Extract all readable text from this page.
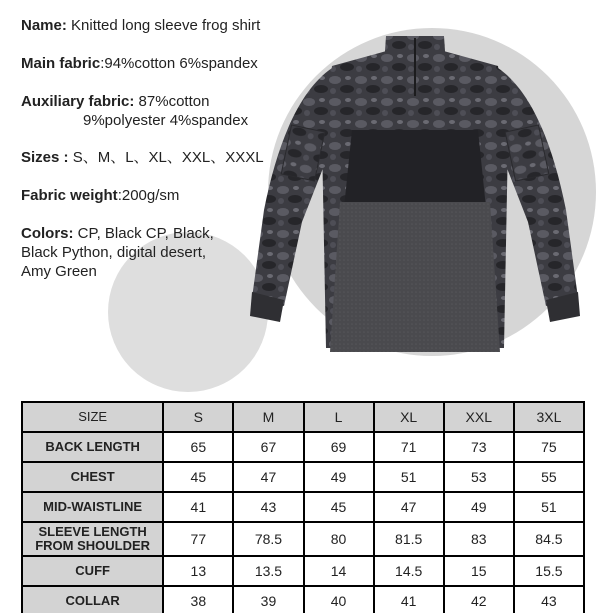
Name: Knitted long sleeve frog shirt
Main fabric:94%cotton 6%spandex
Auxiliary fabric: 87%cotton
9%polyester 4%spandex
Sizes : S、M、L、XL、XXL、XXXL
Fabric weight:200g/sm
Colors: CP, Black CP, Black,
Black Python, digital desert,
Amy Green
SIZE	S	M	L	XL	XXL	3XL
BACK LENGTH	65	67	69	71	73	75
CHEST	45	47	49	51	53	55
MID-WAISTLINE	41	43	45	47	49	51
SLEEVE LENGTH
FROM SHOULDER	77	78.5	80	81.5	83	84.5
CUFF	13	13.5	14	14.5	15	15.5
COLLAR	38	39	40	41	42	43
